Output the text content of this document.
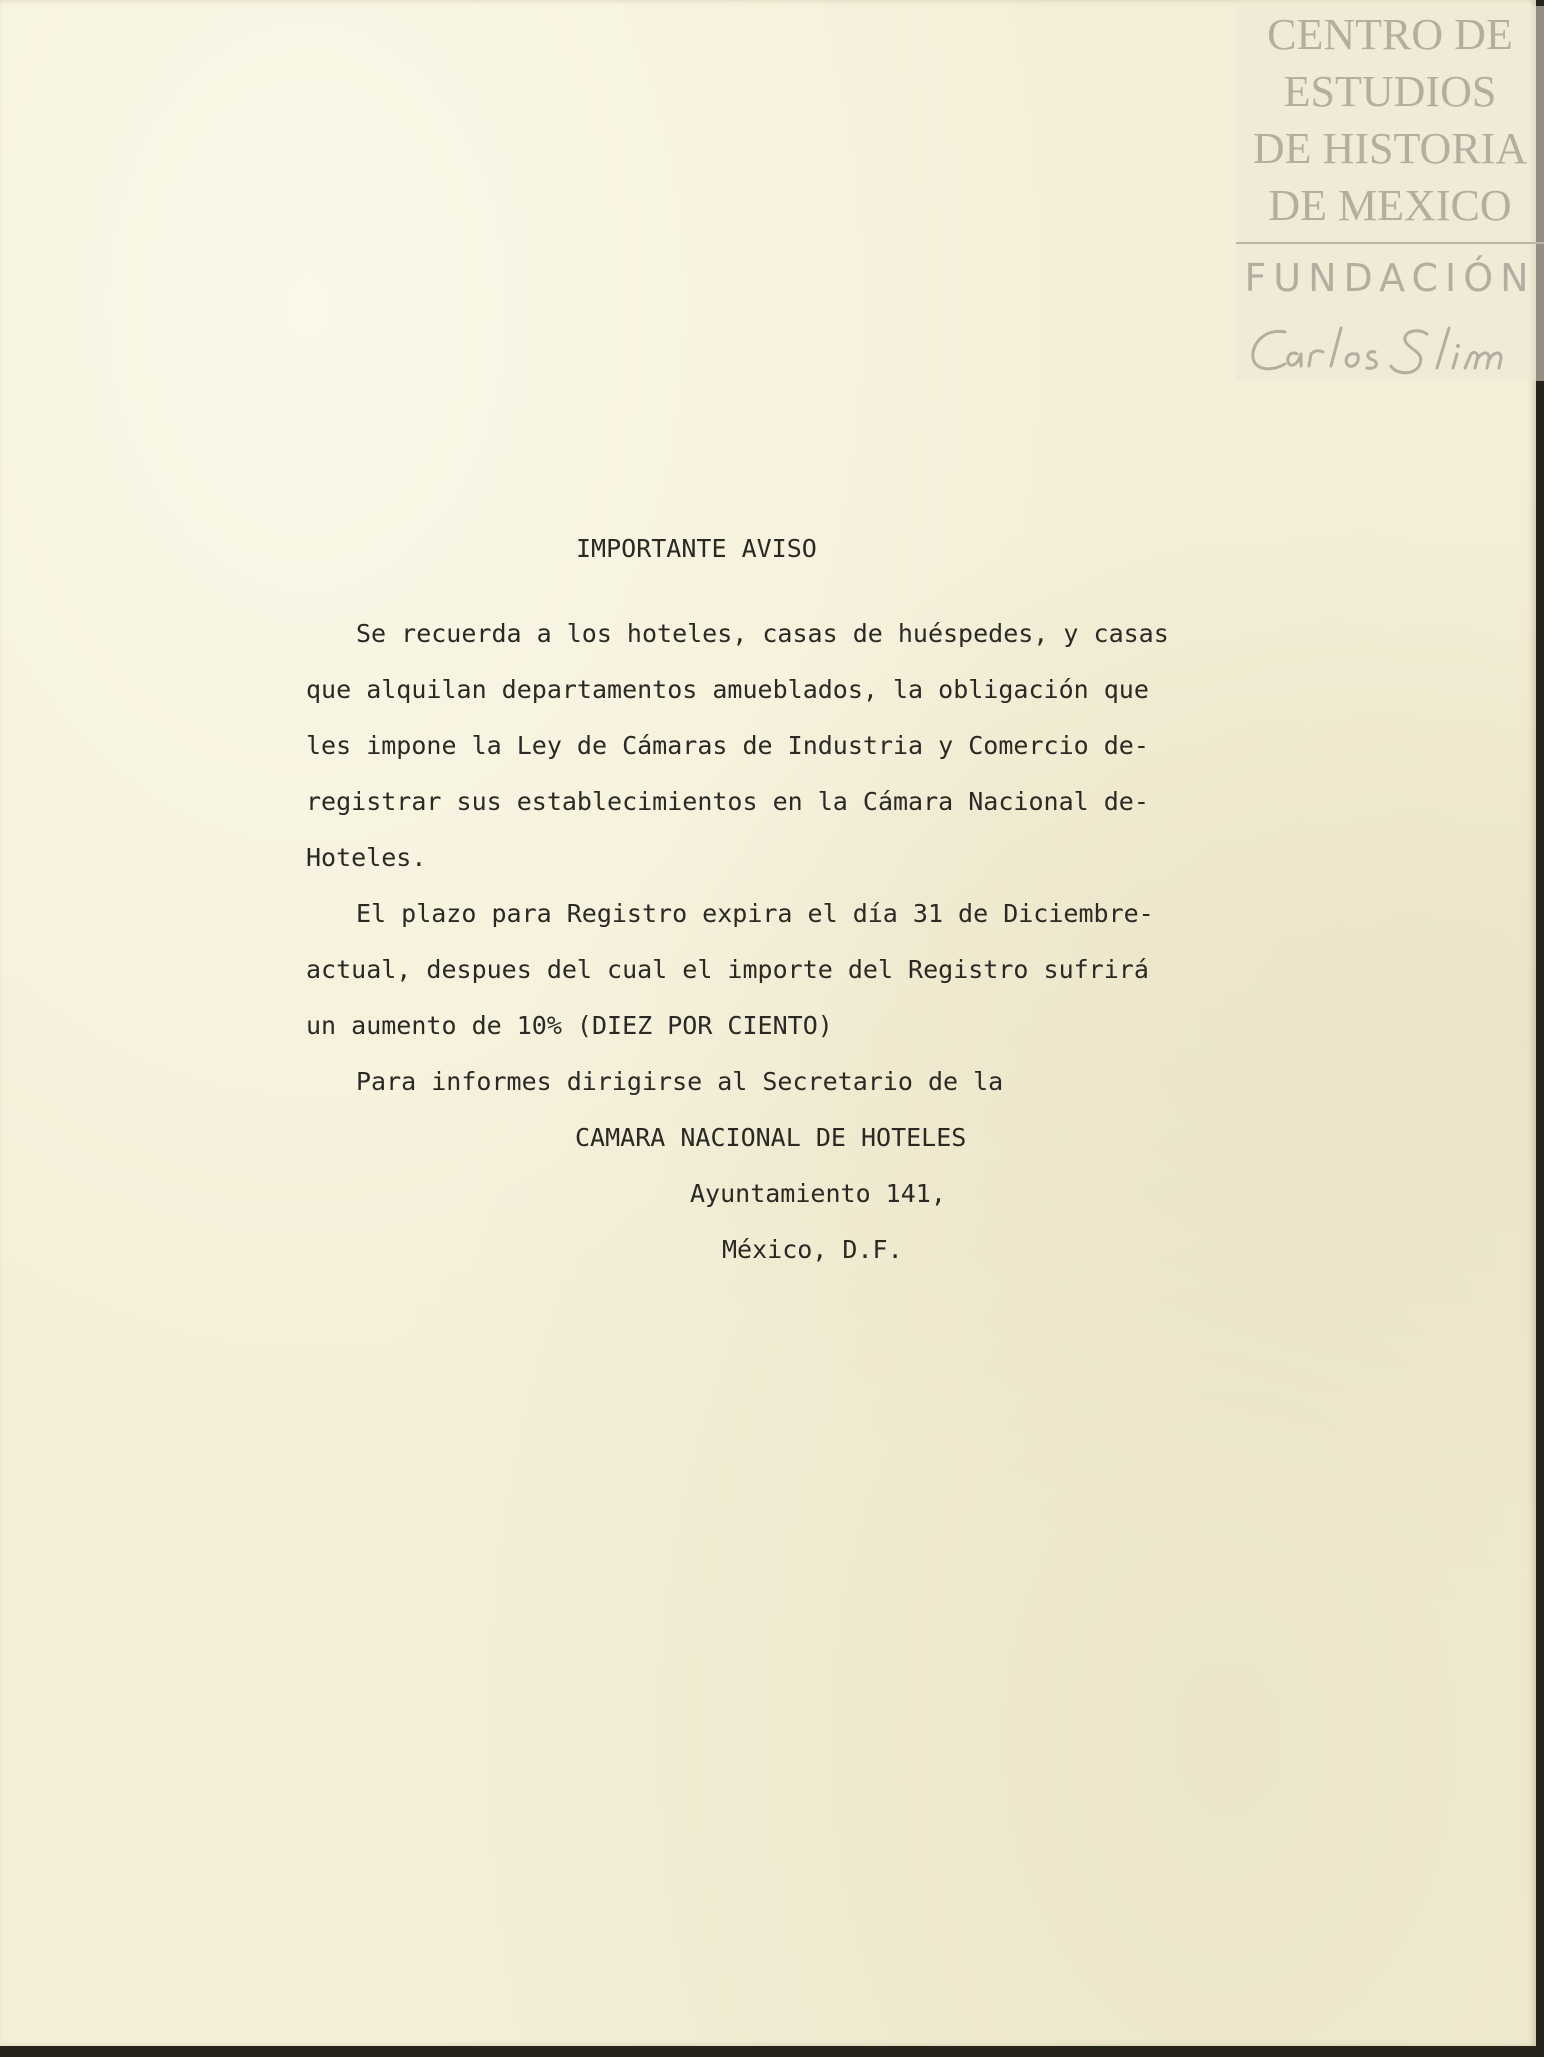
CENTRO DE
ESTUDIOS
DE HISTORIA
DE MEXICO
FUNDACIÓN
IMPORTANTE AVISO
Se recuerda a los hoteles, casas de huéspedes, y casas
que alquilan departamentos amueblados, la obligación que
les impone la Ley de Cámaras de Industria y Comercio de-
registrar sus establecimientos en la Cámara Nacional de-
Hoteles.
El plazo para Registro expira el día 31 de Diciembre-
actual, despues del cual el importe del Registro sufrirá
un aumento de 10% (DIEZ POR CIENTO)
Para informes dirigirse al Secretario de la
CAMARA NACIONAL DE HOTELES
Ayuntamiento 141,
México, D.F.
